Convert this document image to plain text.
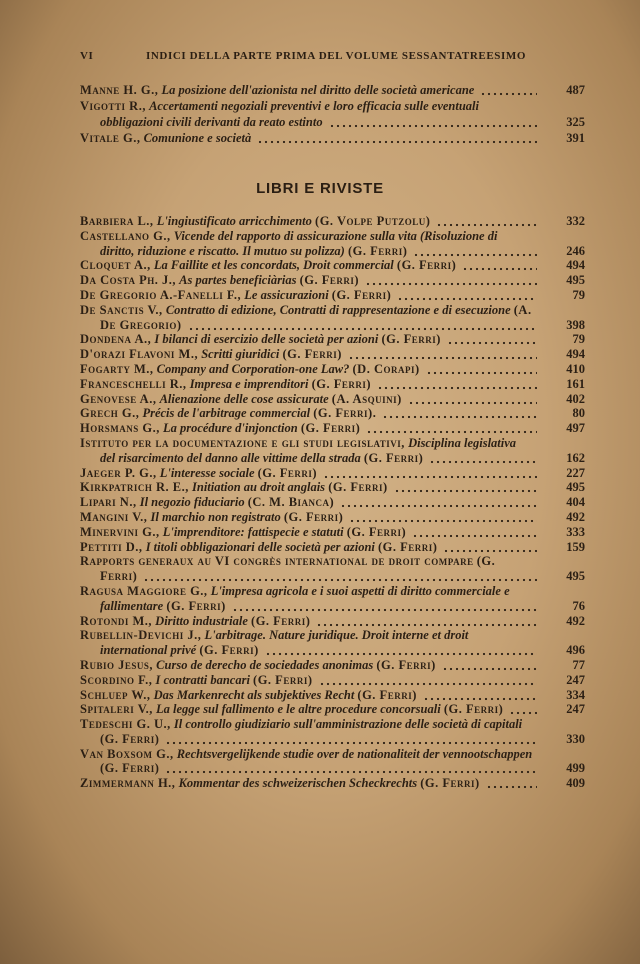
VI	INDICI DELLA PARTE PRIMA DEL VOLUME SESSANTATREESIMO
Manne H. G., La posizione dell'azionista nel diritto delle società americane	487
Vigotti R., Accertamenti negoziali preventivi e loro efficacia sulle eventuali obbligazioni civili derivanti da reato estinto	325
Vitale G., Comunione e società	391
LIBRI E RIVISTE
Barbiera L., L'ingiustificato arricchimento (G. Volpe Putzolu)	332
Castellano G., Vicende del rapporto di assicurazione sulla vita (Risoluzione di diritto, riduzione e riscatto. Il mutuo su polizza) (G. Ferri)	246
Cloquet A., La Faillite et les concordats, Droit commercial (G. Ferri)	494
Da Costa Ph. J., As partes beneficiàrias (G. Ferri)	495
De Gregorio A.-Fanelli F., Le assicurazioni (G. Ferri)	79
De Sanctis V., Contratto di edizione, Contratti di rappresentazione e di esecuzione (A. De Gregorio)	398
Dondena A., I bilanci di esercizio delle società per azioni (G. Ferri)	79
D'orazi Flavoni M., Scritti giuridici (G. Ferri)	494
Fogarty M., Company and Corporation-one Law? (D. Corapi)	410
Franceschelli R., Impresa e imprenditori (G. Ferri)	161
Genovese A., Alienazione delle cose assicurate (A. Asquini)	402
Grech G., Précis de l'arbitrage commercial (G. Ferri).	80
Horsmans G., La procédure d'injonction (G. Ferri)	497
Istituto per la documentazione e gli studi legislativi, Disciplina legislativa del risarcimento del danno alle vittime della strada (G. Ferri)	162
Jaeger P. G., L'interesse sociale (G. Ferri)	227
Kirkpatrich R. E., Initiation au droit anglais (G. Ferri)	495
Lipari N., Il negozio fiduciario (C. M. Bianca)	404
Mangini V., Il marchio non registrato (G. Ferri)	492
Minervini G., L'imprenditore: fattispecie e statuti (G. Ferri)	333
Pettiti D., I titoli obbligazionari delle società per azioni (G. Ferri)	159
Rapports generaux au VI congrès international de droit compare (G. Ferri)	495
Ragusa Maggiore G., L'impresa agricola e i suoi aspetti di diritto commerciale e fallimentare (G. Ferri)	76
Rotondi M., Diritto industriale (G. Ferri)	492
Rubellin-Devichi J., L'arbitrage. Nature juridique. Droit interne et droit international privé (G. Ferri)	496
Rubio Jesus, Curso de derecho de sociedades anonimas (G. Ferri)	77
Scordino F., I contratti bancari (G. Ferri)	247
Schluep W., Das Markenrecht als subjektives Recht (G. Ferri)	334
Spitaleri V., La legge sul fallimento e le altre procedure concorsuali (G. Ferri)	247
Tedeschi G. U., Il controllo giudiziario sull'amministrazione delle società di capitali (G. Ferri)	330
Van Boxsom G., Rechtsvergelijkende studie over de nationaliteit der vennootschappen (G. Ferri)	499
Zimmermann H., Kommentar des schweizerischen Scheckrechts (G. Ferri)	409
